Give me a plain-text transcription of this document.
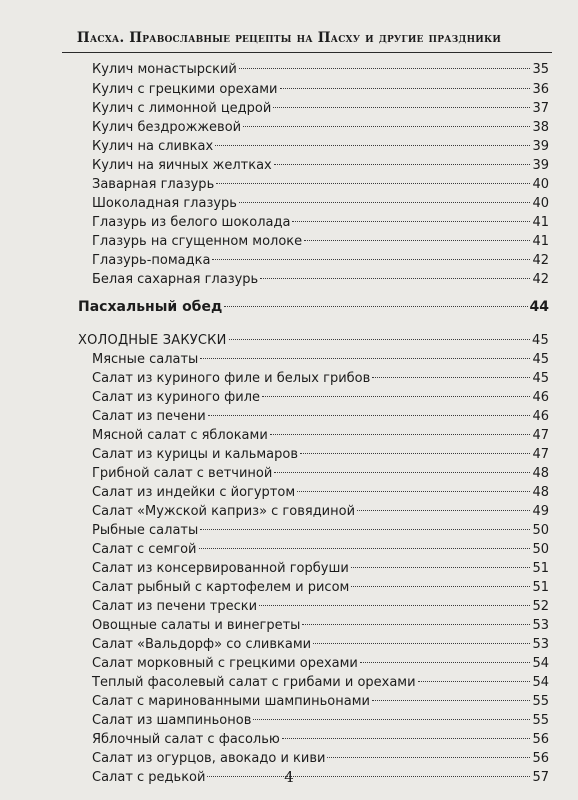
Пасха. Православные рецепты на Пасху и другие праздники
Кулич монастырский	35
Кулич с грецкими орехами	36
Кулич с лимонной цедрой	37
Кулич бездрожжевой	38
Кулич на сливках	39
Кулич на яичных желтках	39
Заварная глазурь	40
Шоколадная глазурь	40
Глазурь из белого шоколада	41
Глазурь на сгущенном молоке	41
Глазурь-помадка	42
Белая сахарная глазурь	42
Пасхальный обед	44
ХОЛОДНЫЕ ЗАКУСКИ	45
Мясные салаты	45
Салат из куриного филе и белых грибов	45
Салат из куриного филе	46
Салат из печени	46
Мясной салат с яблоками	47
Салат из курицы и кальмаров	47
Грибной салат с ветчиной	48
Салат из индейки с йогуртом	48
Салат «Мужской каприз» с говядиной	49
Рыбные салаты	50
Салат с семгой	50
Салат из консервированной горбуши	51
Салат рыбный с картофелем и рисом	51
Салат из печени трески	52
Овощные салаты и винегреты	53
Салат «Вальдорф» со сливками	53
Салат морковный с грецкими орехами	54
Теплый фасолевый салат с грибами и орехами	54
Салат с маринованными шампиньонами	55
Салат из шампиньонов	55
Яблочный салат с фасолью	56
Салат из огурцов, авокадо и киви	56
Салат с редькой	57
4
